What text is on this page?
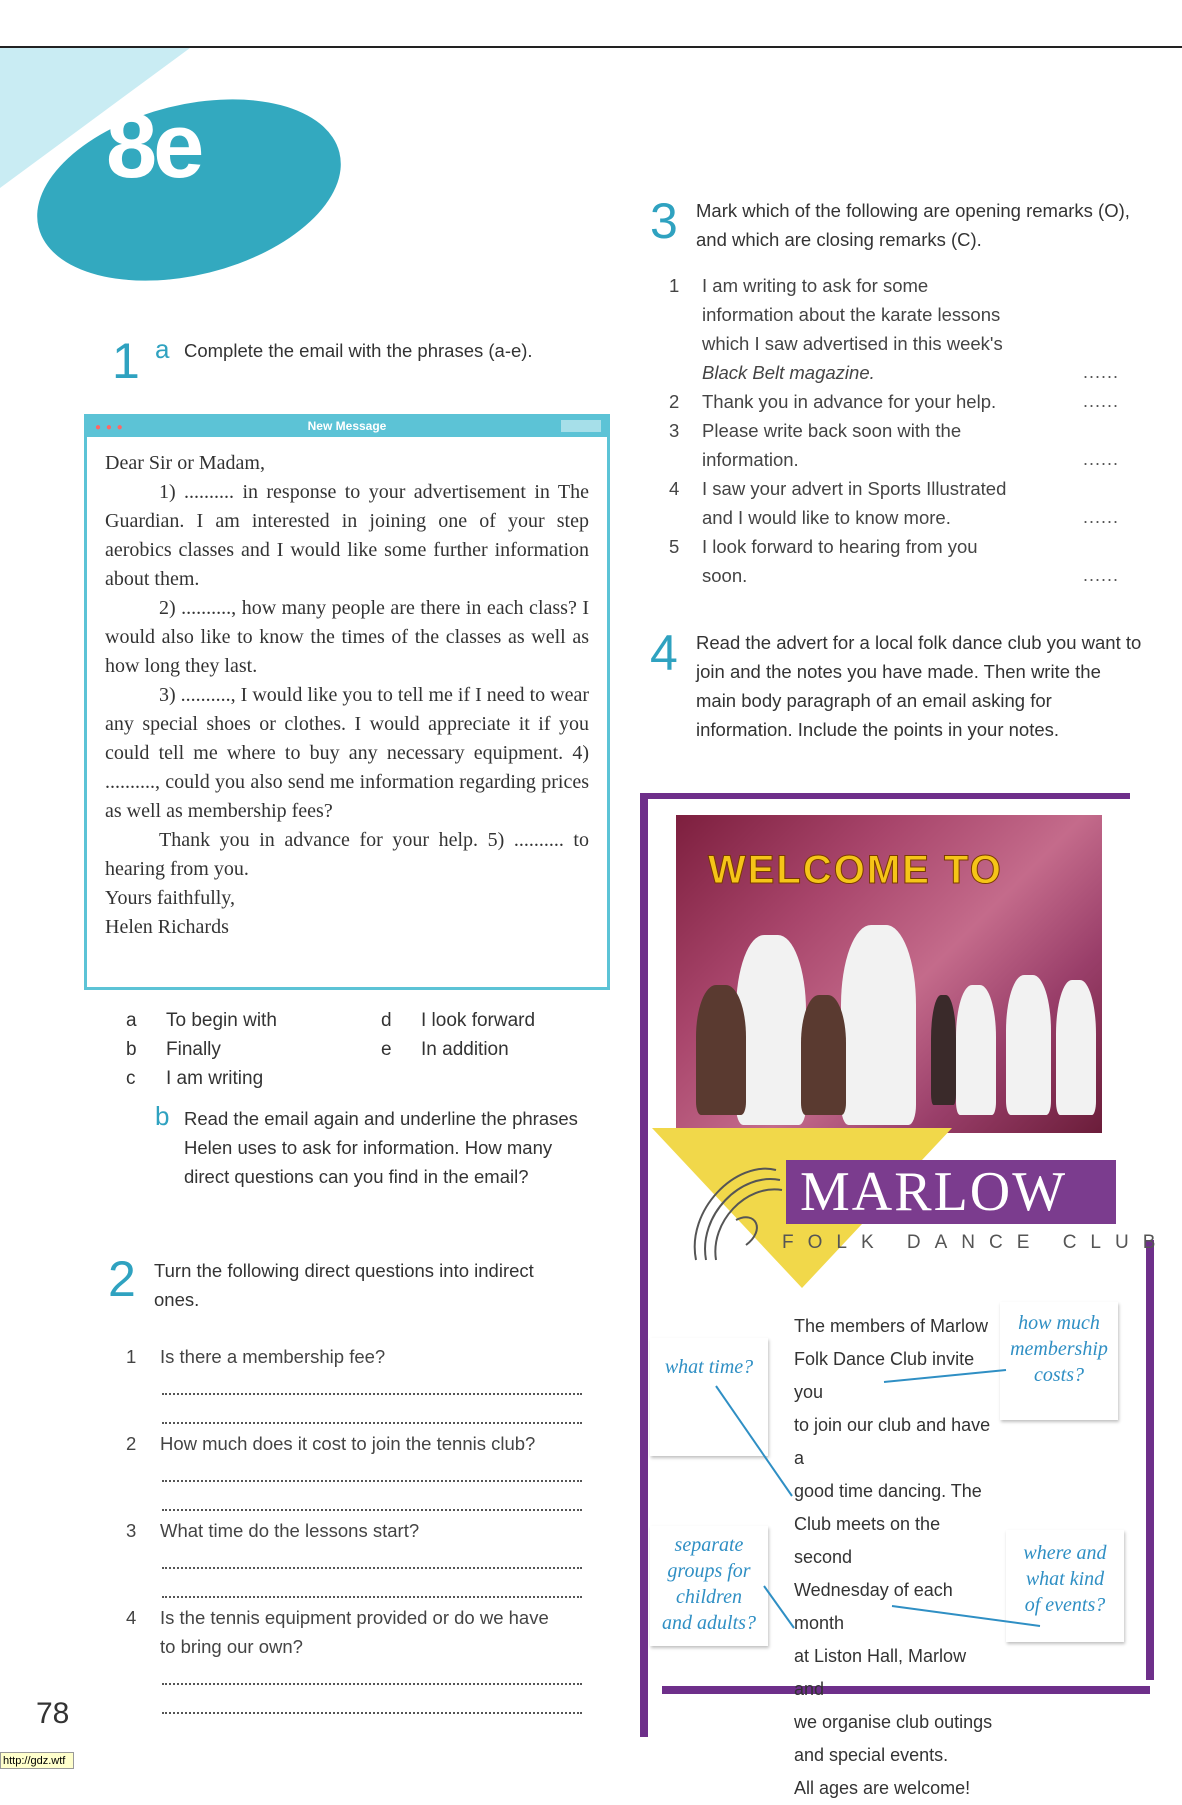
8e
1 a Complete the email with the phrases (a-e).
● ● ●	New Message

Dear Sir or Madam,

1) .......... in response to your advertisement in The Guardian. I am interested in joining one of your step aerobics classes and I would like some further information about them.

2) .........., how many people are there in each class? I would also like to know the times of the classes as well as how long they last.

3) .........., I would like you to tell me if I need to wear any special shoes or clothes. I would appreciate it if you could tell me where to buy any necessary equipment. 4) .........., could you also send me information regarding prices as well as membership fees?

Thank you in advance for your help. 5) .......... to hearing from you.

Yours faithfully,

Helen Richards

a To begin with
b Finally
c I am writing
d I look forward
e In addition
b Read the email again and underline the phrases Helen uses to ask for information. How many direct questions can you find in the email?
2 Turn the following direct questions into indirect ones.
1 Is there a membership fee?
2 How much does it cost to join the tennis club?
3 What time do the lessons start?
4 Is the tennis equipment provided or do we have
to bring our own?
3 Mark which of the following are opening remarks (O), and which are closing remarks (C).
1 I am writing to ask for some
information about the karate lessons
which I saw advertised in this week's
Black Belt magazine.	......
2 Thank you in advance for your help.	......
3 Please write back soon with the
information.	......
4 I saw your advert in Sports Illustrated
and I would like to know more.	......
5 I look forward to hearing from you
soon.	......
4 Read the advert for a local folk dance club you want to join and the notes you have made. Then write the main body paragraph of an email asking for information. Include the points in your notes.
WELCOME TO
MARLOW
FOLK DANCE CLUB
The members of Marlow
Folk Dance Club invite you
to join our club and have a
good time dancing. The
Club meets on the second
Wednesday of each month
at Liston Hall, Marlow and
we organise club outings
and special events.
All ages are welcome!
what time?
how much
membership
costs?
separate
groups for
children
and adults?
where and
what kind
of events?
78
http://gdz.wtf
